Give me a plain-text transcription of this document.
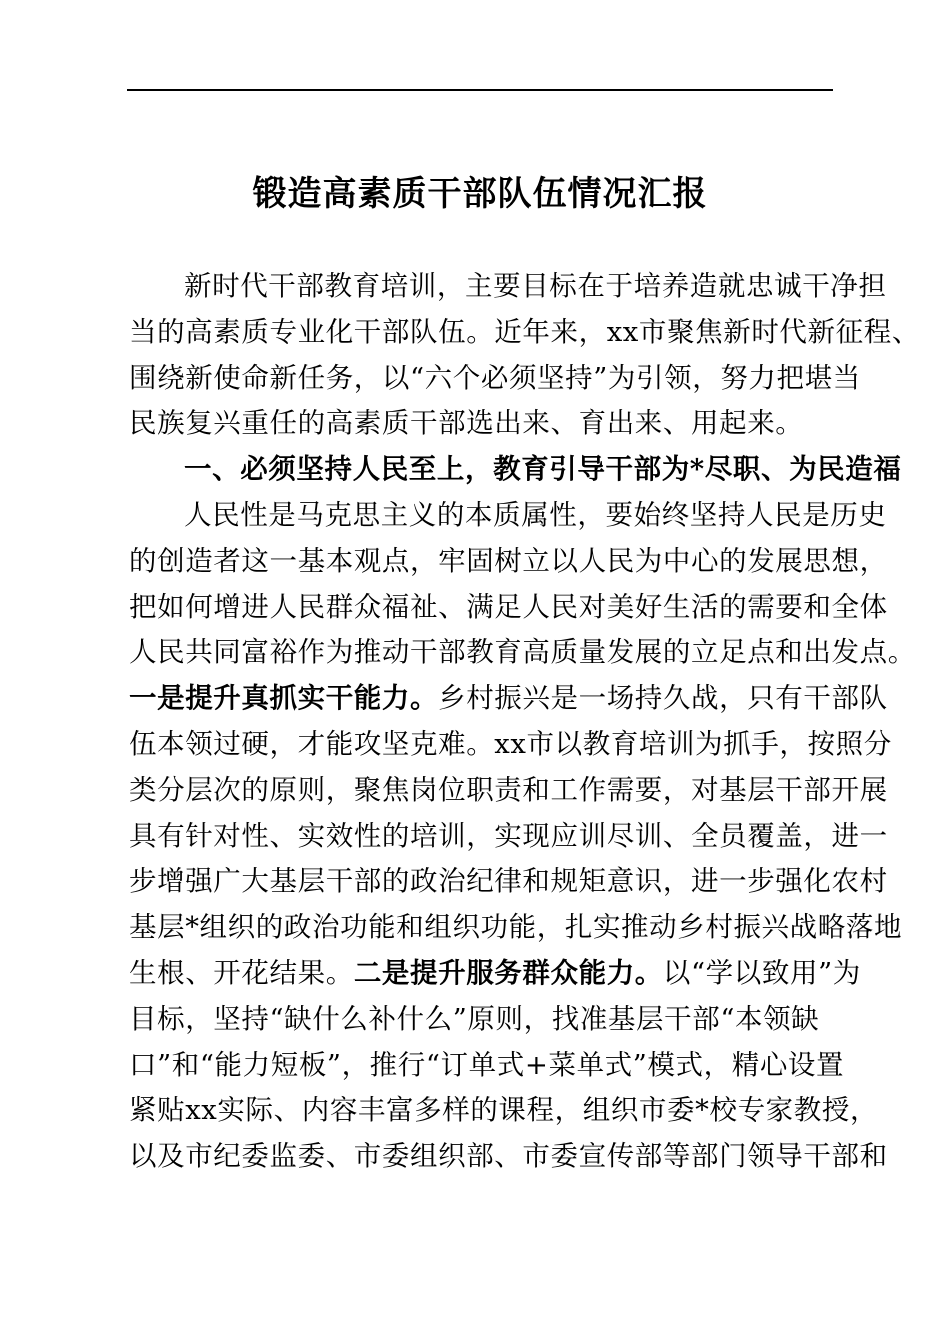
锻造高素质干部队伍情况汇报
新时代干部教育培训，主要目标在于培养造就忠诚干净担
当的高素质专业化干部队伍。近年来，xx市聚焦新时代新征程、
围绕新使命新任务，以“六个必须坚持”为引领，努力把堪当
民族复兴重任的高素质干部选出来、育出来、用起来。
一、必须坚持人民至上，教育引导干部为*尽职、为民造福
人民性是马克思主义的本质属性，要始终坚持人民是历史
的创造者这一基本观点，牢固树立以人民为中心的发展思想，
把如何增进人民群众福祉、满足人民对美好生活的需要和全体
人民共同富裕作为推动干部教育高质量发展的立足点和出发点。
一是提升真抓实干能力。乡村振兴是一场持久战，只有干部队
伍本领过硬，才能攻坚克难。xx市以教育培训为抓手，按照分
类分层次的原则，聚焦岗位职责和工作需要，对基层干部开展
具有针对性、实效性的培训，实现应训尽训、全员覆盖，进一
步增强广大基层干部的政治纪律和规矩意识，进一步强化农村
基层*组织的政治功能和组织功能，扎实推动乡村振兴战略落地
生根、开花结果。二是提升服务群众能力。以“学以致用”为
目标，坚持“缺什么补什么”原则，找准基层干部“本领缺
口”和“能力短板”，推行“订单式+菜单式”模式，精心设置
紧贴xx实际、内容丰富多样的课程，组织市委*校专家教授，
以及市纪委监委、市委组织部、市委宣传部等部门领导干部和
